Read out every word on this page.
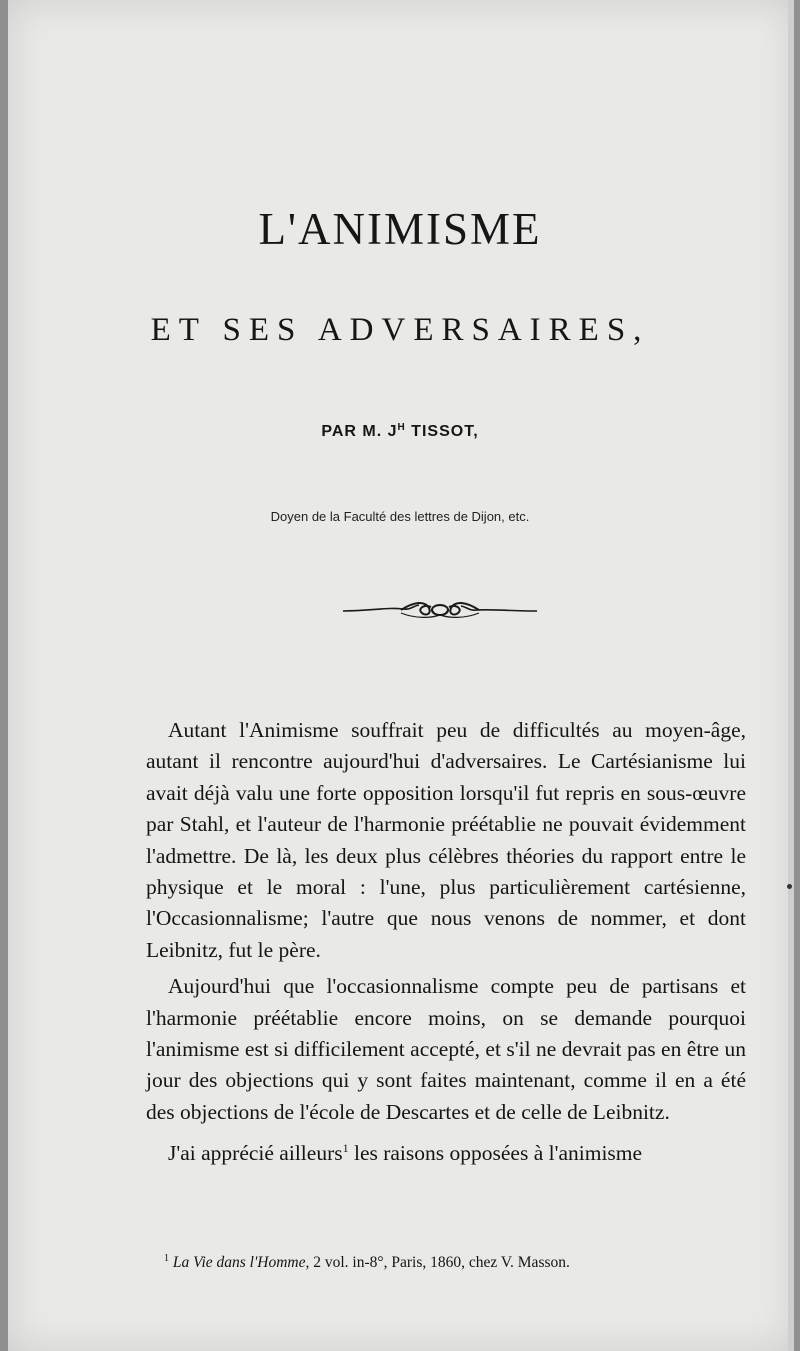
L'ANIMISME
ET SES ADVERSAIRES,
PAR M. $J^H$ TISSOT,
Doyen de la Faculté des lettres de Dijon, etc.

Autant l'Animisme souffrait peu de difficultés au moyen-âge, autant il rencontre aujourd'hui d'adversaires. Le Cartésianisme lui avait déjà valu une forte opposition lorsqu'il fut repris en sous-œuvre par Stahl, et l'auteur de l'harmonie préétablie ne pouvait évidemment l'admettre. De là, les deux plus célèbres théories du rapport entre le physique et le moral : l'une, plus particulièrement cartésienne, l'Occasionnalisme; l'autre que nous venons de nommer, et dont Leibnitz, fut le père.

Aujourd'hui que l'occasionnalisme compte peu de partisans et l'harmonie préétablie encore moins, on se demande pourquoi l'animisme est si difficilement accepté, et s'il ne devrait pas en être un jour des objections qui y sont faites maintenant, comme il en a été des objections de l'école de Descartes et de celle de Leibnitz.

J'ai apprécié ailleurs$^1$ les raisons opposées à l'animisme

$^1$ La Vie dans l'Homme, 2 vol. in-8°, Paris, 1860, chez V. Masson.
